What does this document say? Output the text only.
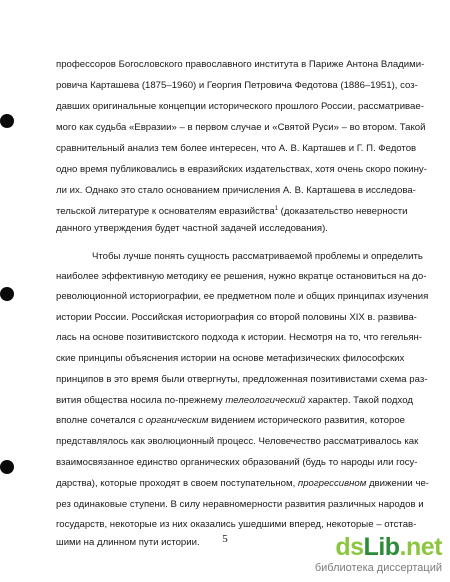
профессоров Богословского православного института в Париже Антона Владими-
ровича Карташева (1875–1960) и Георгия Петровича Федотова (1886–1951), соз-
давших оригинальные концепции исторического прошлого России, рассматривае-
мого как судьба «Евразии» – в первом случае и «Святой Руси» – во втором. Такой
сравнительный анализ тем более интересен, что А. В. Карташев и Г. П. Федотов
одно время публиковались в евразийских издательствах, хотя очень скоро покину-
ли их. Однако это стало основанием причисления А. В. Карташева в исследова-
тельской литературе к основателям евразийства$^1$ (доказательство неверности
данного утверждения будет частной задачей исследования).
Чтобы лучше понять сущность рассматриваемой проблемы и определить
наиболее эффективную методику ее решения, нужно вкратце остановиться на до-
революционной историографии, ее предметном поле и общих принципах изучения
истории России. Российская историография со второй половины XIX в. развива-
лась на основе позитивистского подхода к истории. Несмотря на то, что гегельян-
ские принципы объяснения истории на основе метафизических философских
принципов в это время были отвергнуты, предложенная позитивистами схема раз-
вития общества носила по-прежнему телеологический характер. Такой подход
вполне сочетался с органическим видением исторического развития, которое
представлялось как эволюционный процесс. Человечество рассматривалось как
взаимосвязанное единство органических образований (будь то народы или госу-
дарства), которые проходят в своем поступательном, прогрессивном движении че-
рез одинаковые ступени. В силу неравномерности развития различных народов и
государств, некоторые из них оказались ушедшими вперед, некоторые – отстав-
шими на длинном пути истории.	5	dsLib.net
библиотека диссертаций
